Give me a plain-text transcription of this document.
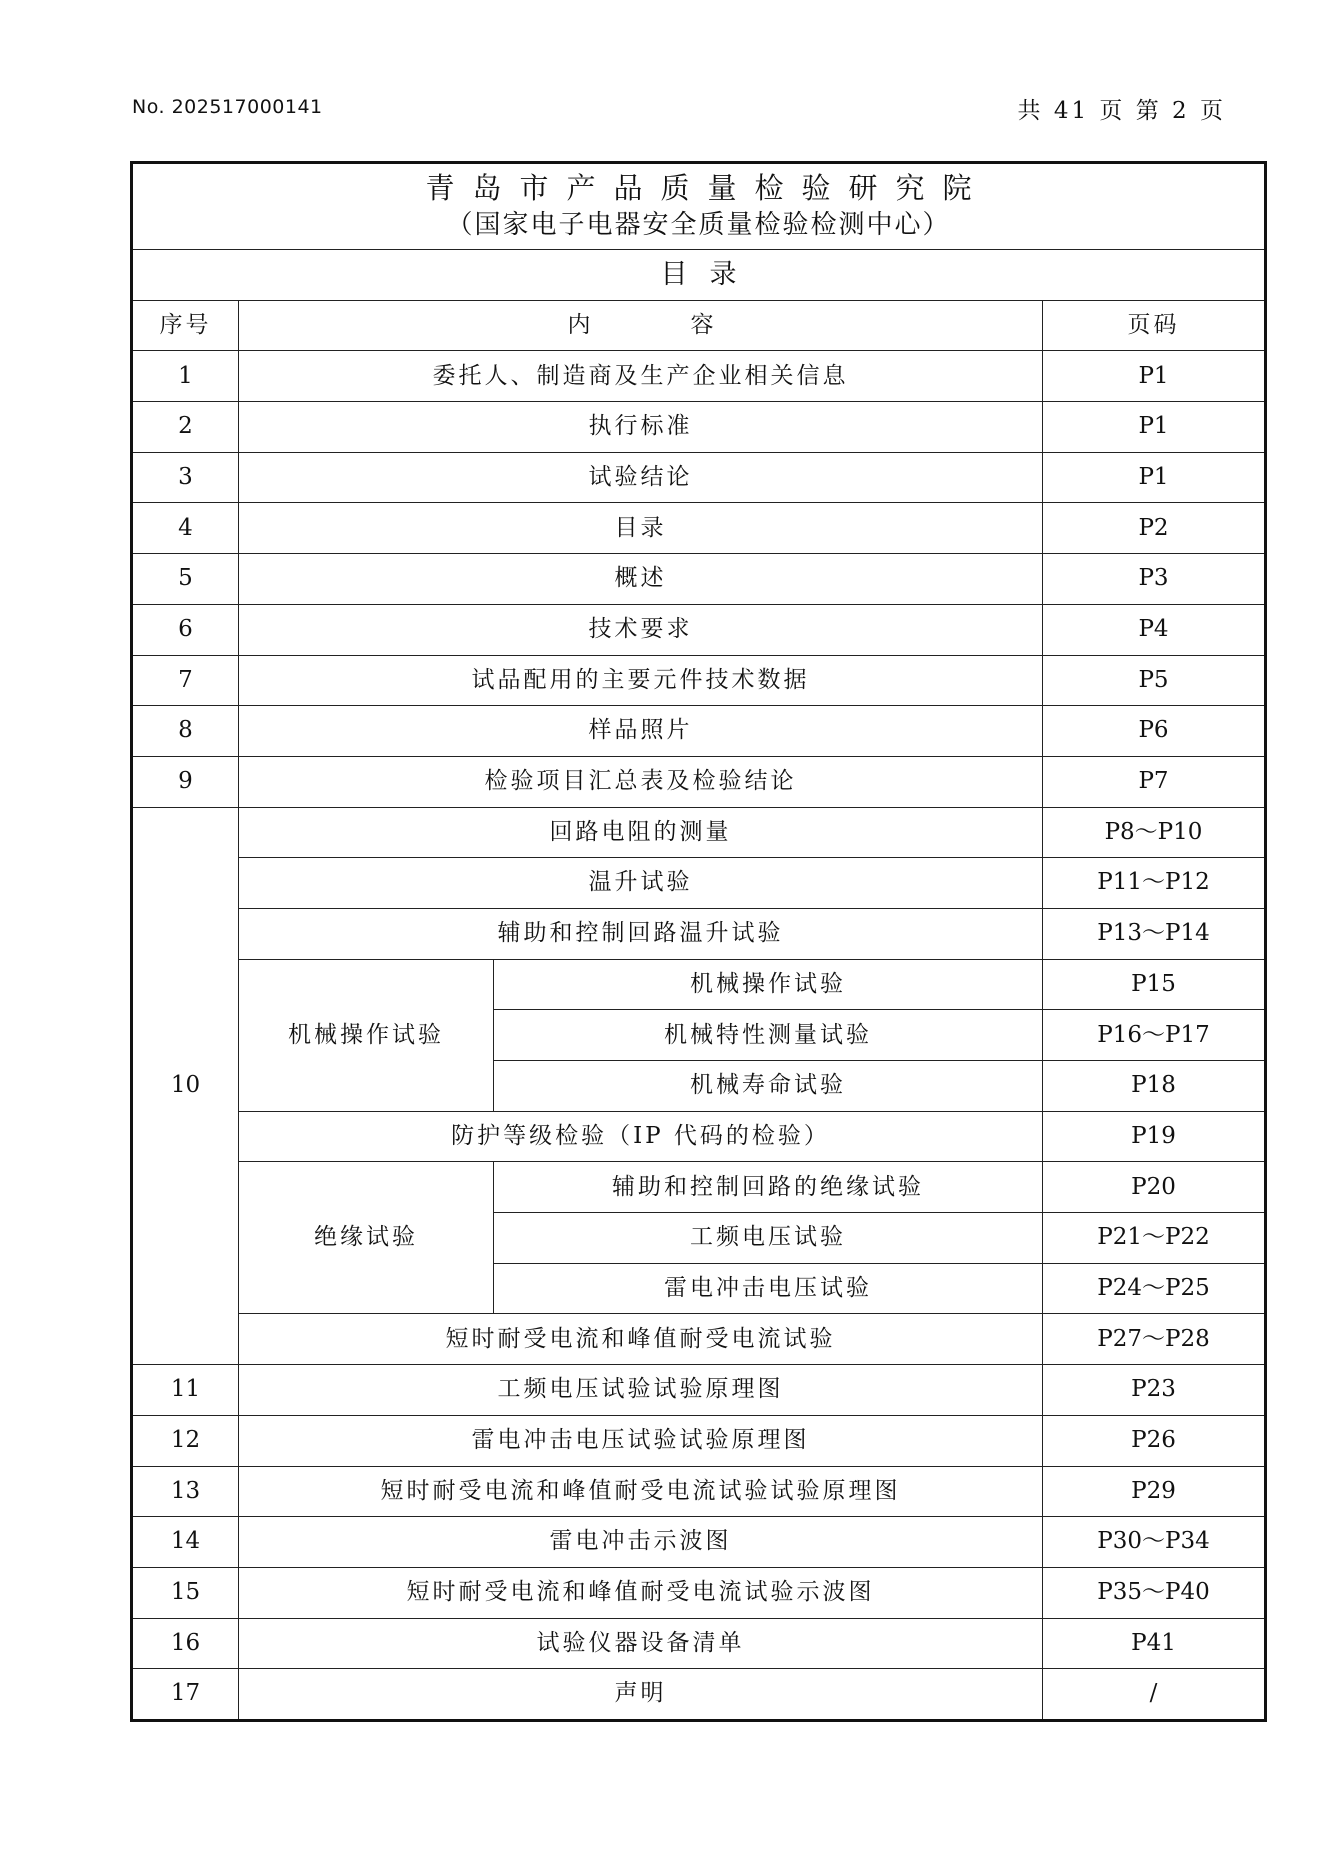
No. 202517000141	共 41 页 第 2 页
青岛市产品质量检验研究院
（国家电子电器安全质量检验检测中心）			

目录			
序号	内容		页码
1	委托人、制造商及生产企业相关信息		P1
2	执行标准		P1
3	试验结论		P1
4	目录		P2
5	概述		P3
6	技术要求		P4
7	试品配用的主要元件技术数据		P5
8	样品照片		P6
9	检验项目汇总表及检验结论		P7
10	回路电阻的测量		P8～P10
	温升试验		P11～P12
	辅助和控制回路温升试验		P13～P14
	机械操作试验	机械操作试验	P15
		机械特性测量试验	P16～P17
		机械寿命试验	P18
	防护等级检验（IP 代码的检验）		P19
	绝缘试验	辅助和控制回路的绝缘试验	P20
		工频电压试验	P21～P22
		雷电冲击电压试验	P24～P25
	短时耐受电流和峰值耐受电流试验		P27～P28
11	工频电压试验试验原理图		P23
12	雷电冲击电压试验试验原理图		P26
13	短时耐受电流和峰值耐受电流试验试验原理图		P29
14	雷电冲击示波图		P30～P34
15	短时耐受电流和峰值耐受电流试验示波图		P35～P40
16	试验仪器设备清单		P41
17	声明		/
